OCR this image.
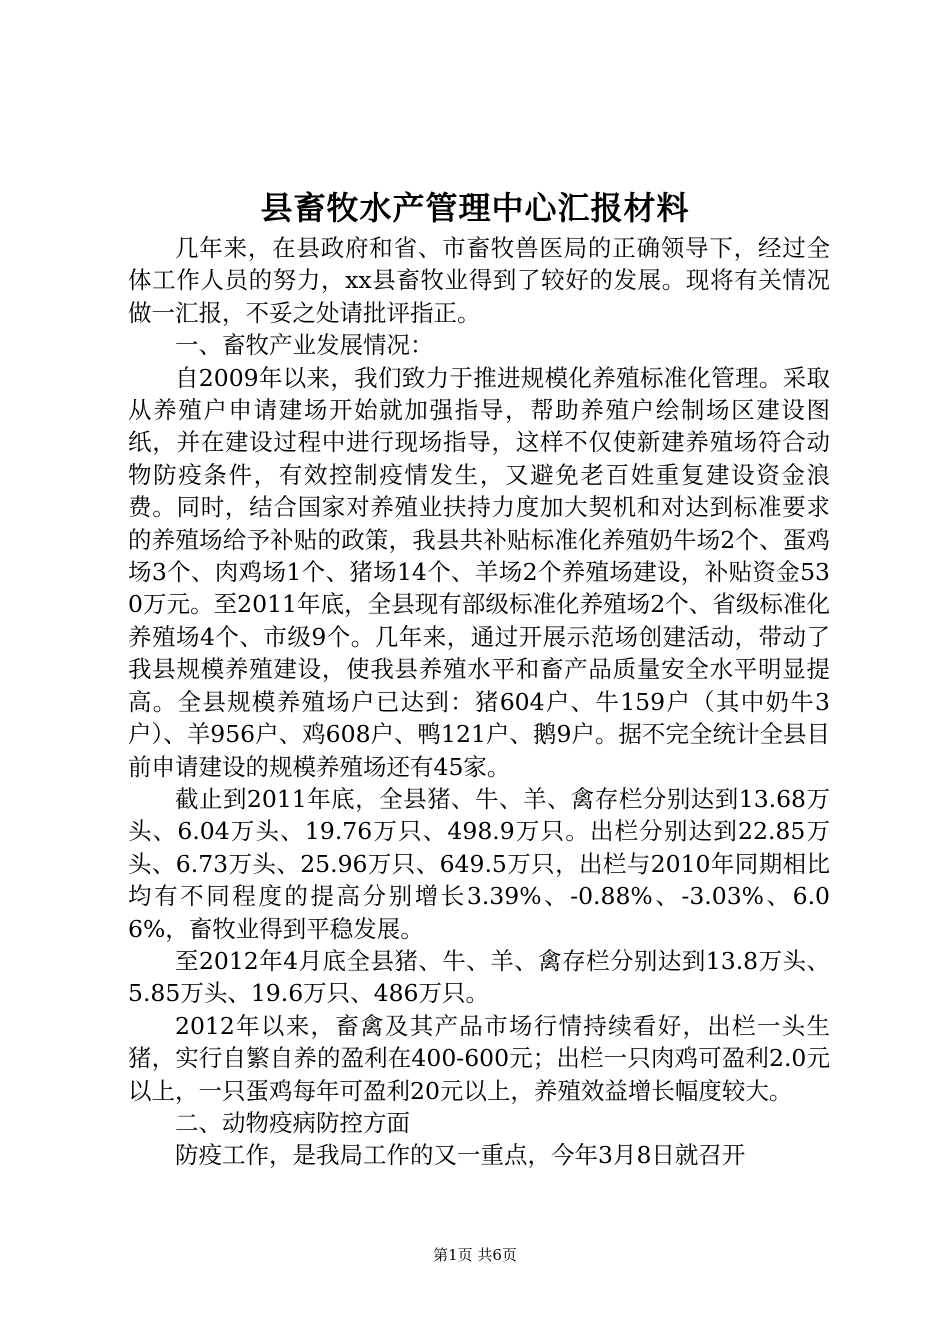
县畜牧水产管理中心汇报材料

几年来，在县政府和省、市畜牧兽医局的正确领导下，经过全体工作人员的努力，xx县畜牧业得到了较好的发展。现将有关情况做一汇报，不妥之处请批评指正。

一、畜牧产业发展情况：

自2009年以来，我们致力于推进规模化养殖标准化管理。采取从养殖户申请建场开始就加强指导，帮助养殖户绘制场区建设图纸，并在建设过程中进行现场指导，这样不仅使新建养殖场符合动物防疫条件，有效控制疫情发生，又避免老百姓重复建设资金浪费。同时，结合国家对养殖业扶持力度加大契机和对达到标准要求的养殖场给予补贴的政策，我县共补贴标准化养殖奶牛场2个、蛋鸡场3个、肉鸡场1个、猪场14个、羊场2个养殖场建设，补贴资金530万元。至2011年底，全县现有部级标准化养殖场2个、省级标准化养殖场4个、市级9个。几年来，通过开展示范场创建活动，带动了我县规模养殖建设，使我县养殖水平和畜产品质量安全水平明显提高。全县规模养殖场户已达到：猪604户、牛159户（其中奶牛3户）、羊956户、鸡608户、鸭121户、鹅9户。据不完全统计全县目前申请建设的规模养殖场还有45家。

截止到2011年底，全县猪、牛、羊、禽存栏分别达到13.68万头、6.04万头、19.76万只、498.9万只。出栏分别达到22.85万头、6.73万头、25.96万只、649.5万只，出栏与2010年同期相比均有不同程度的提高分别增长3.39%、-0.88%、-3.03%、6.06%，畜牧业得到平稳发展。

至2012年4月底全县猪、牛、羊、禽存栏分别达到13.8万头、5.85万头、19.6万只、486万只。

2012年以来，畜禽及其产品市场行情持续看好，出栏一头生猪，实行自繁自养的盈利在400-600元；出栏一只肉鸡可盈利2.0元以上，一只蛋鸡每年可盈利20元以上，养殖效益增长幅度较大。

二、动物疫病防控方面

防疫工作，是我局工作的又一重点，今年3月8日就召开

第1页 共6页
